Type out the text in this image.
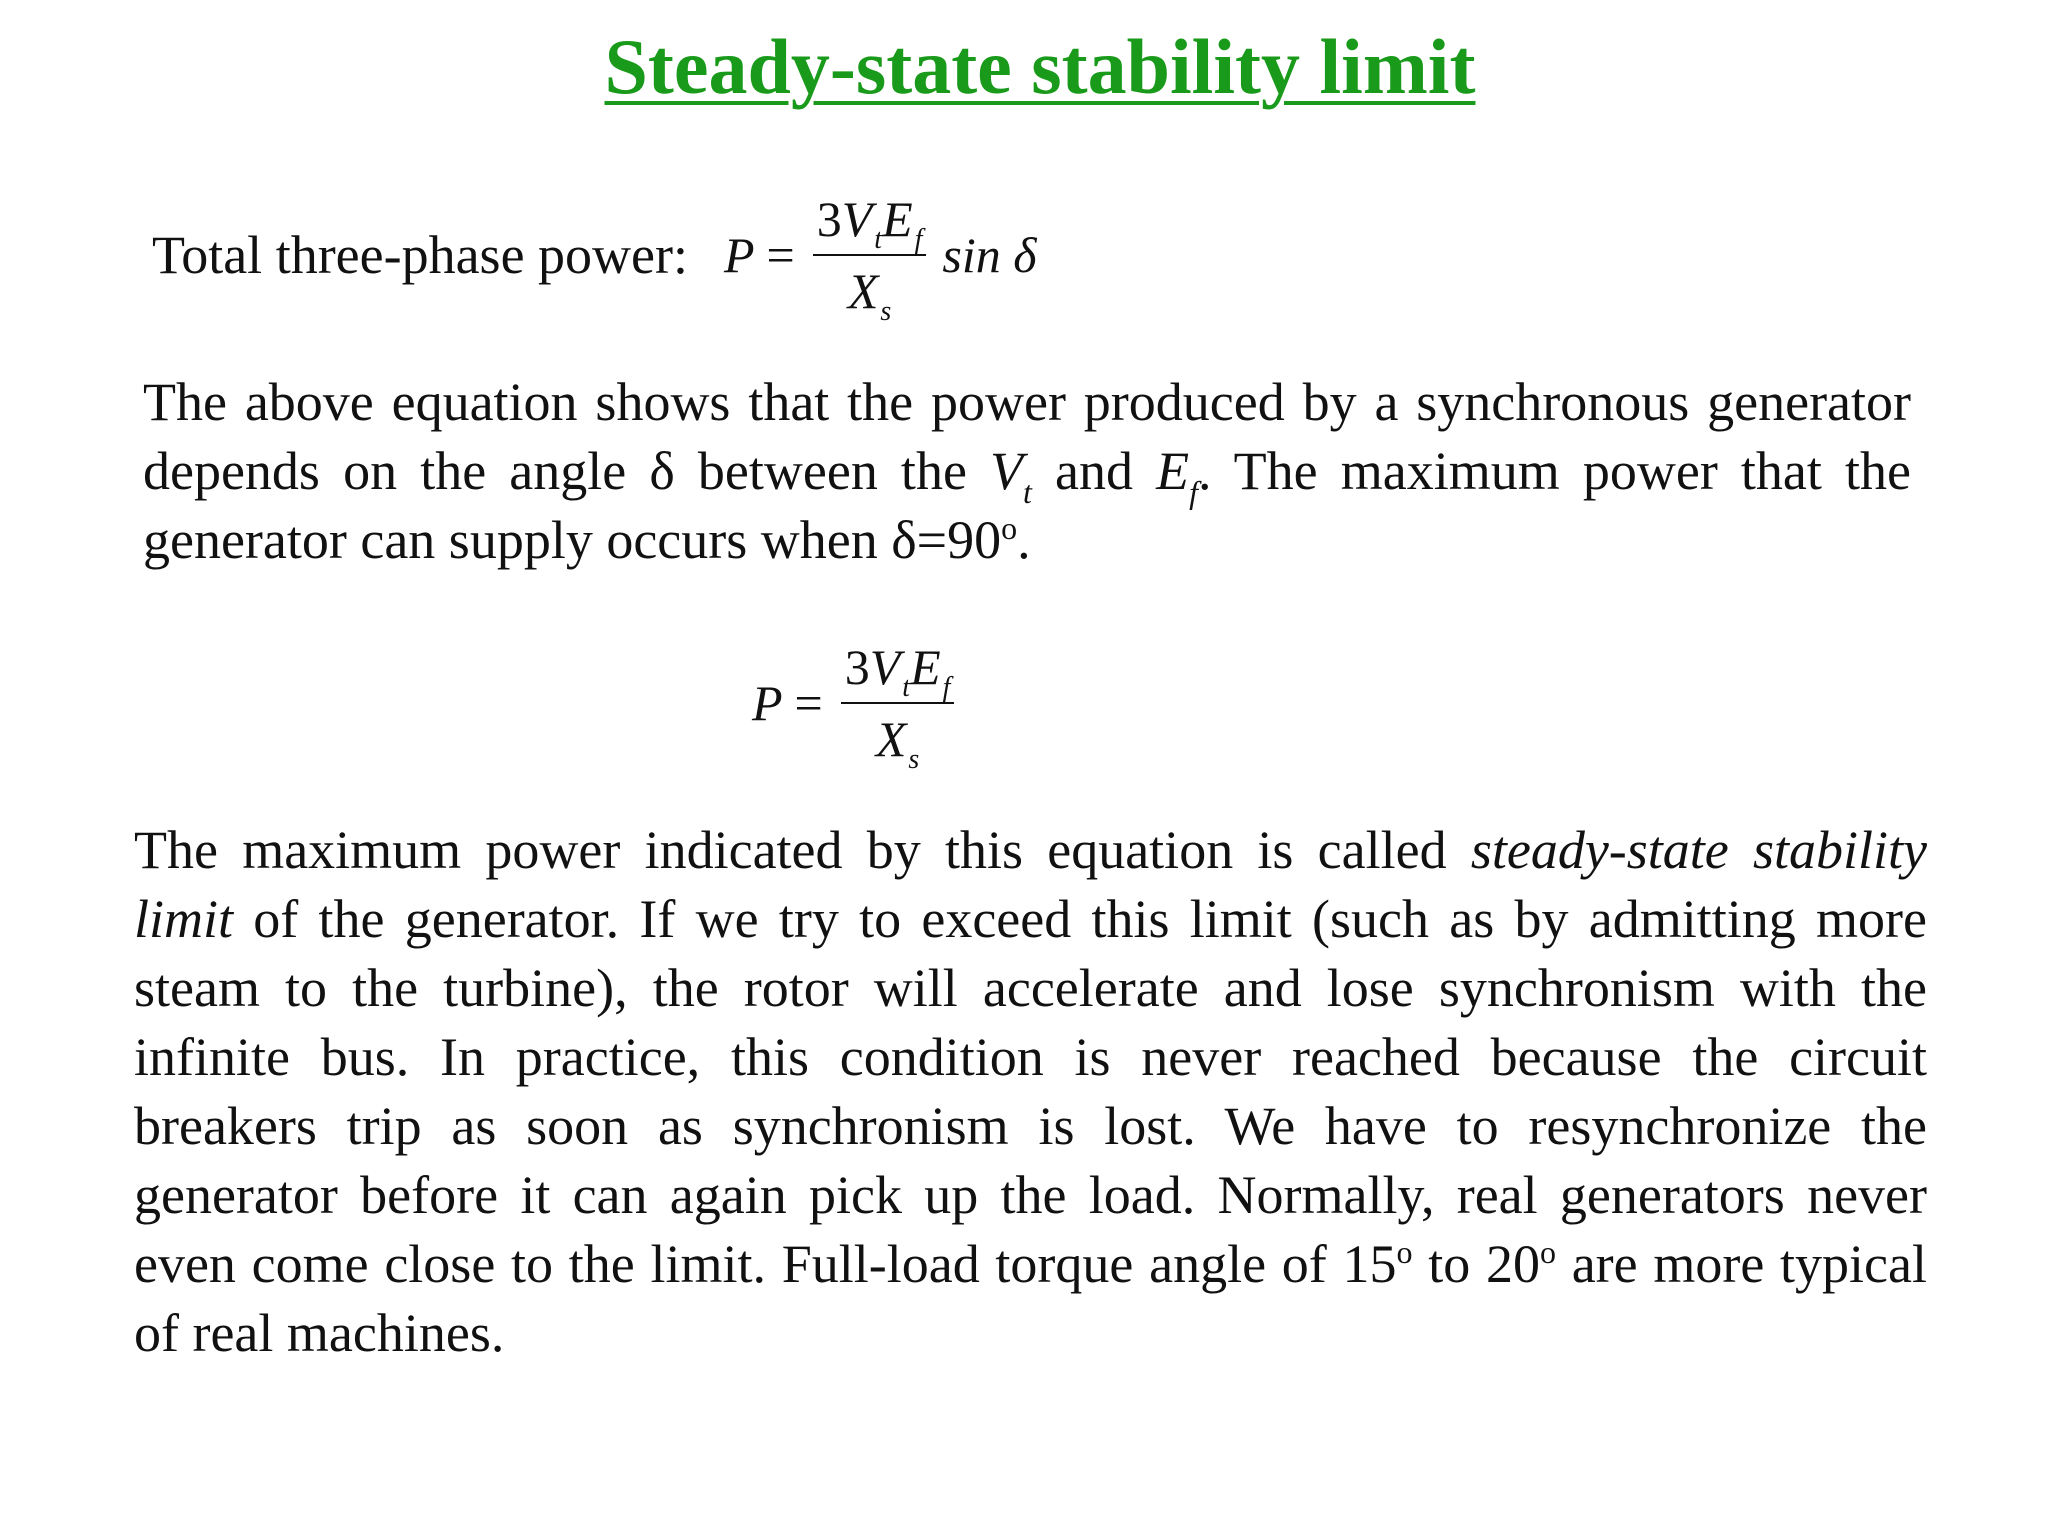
Steady-state stability limit
Total three-phase power: $P = \frac{3V_tE_f}{X_s}$ sin δ
The above equation shows that the power produced by a synchronous generator depends on the angle δ between the $V_t$ and $E_f$. The maximum power that the generator can supply occurs when $\delta=90^o$.
$P = \frac{3V_tE_f}{X_s}$
The maximum power indicated by this equation is called steady-state stability limit of the generator. If we try to exceed this limit (such as by admitting more steam to the turbine), the rotor will accelerate and lose synchronism with the infinite bus. In practice, this condition is never reached because the circuit breakers trip as soon as synchronism is lost. We have to resynchronize the generator before it can again pick up the load. Normally, real generators never even come close to the limit. Full-load torque angle of 15$^o$ to 20$^o$ are more typical of real machines.
